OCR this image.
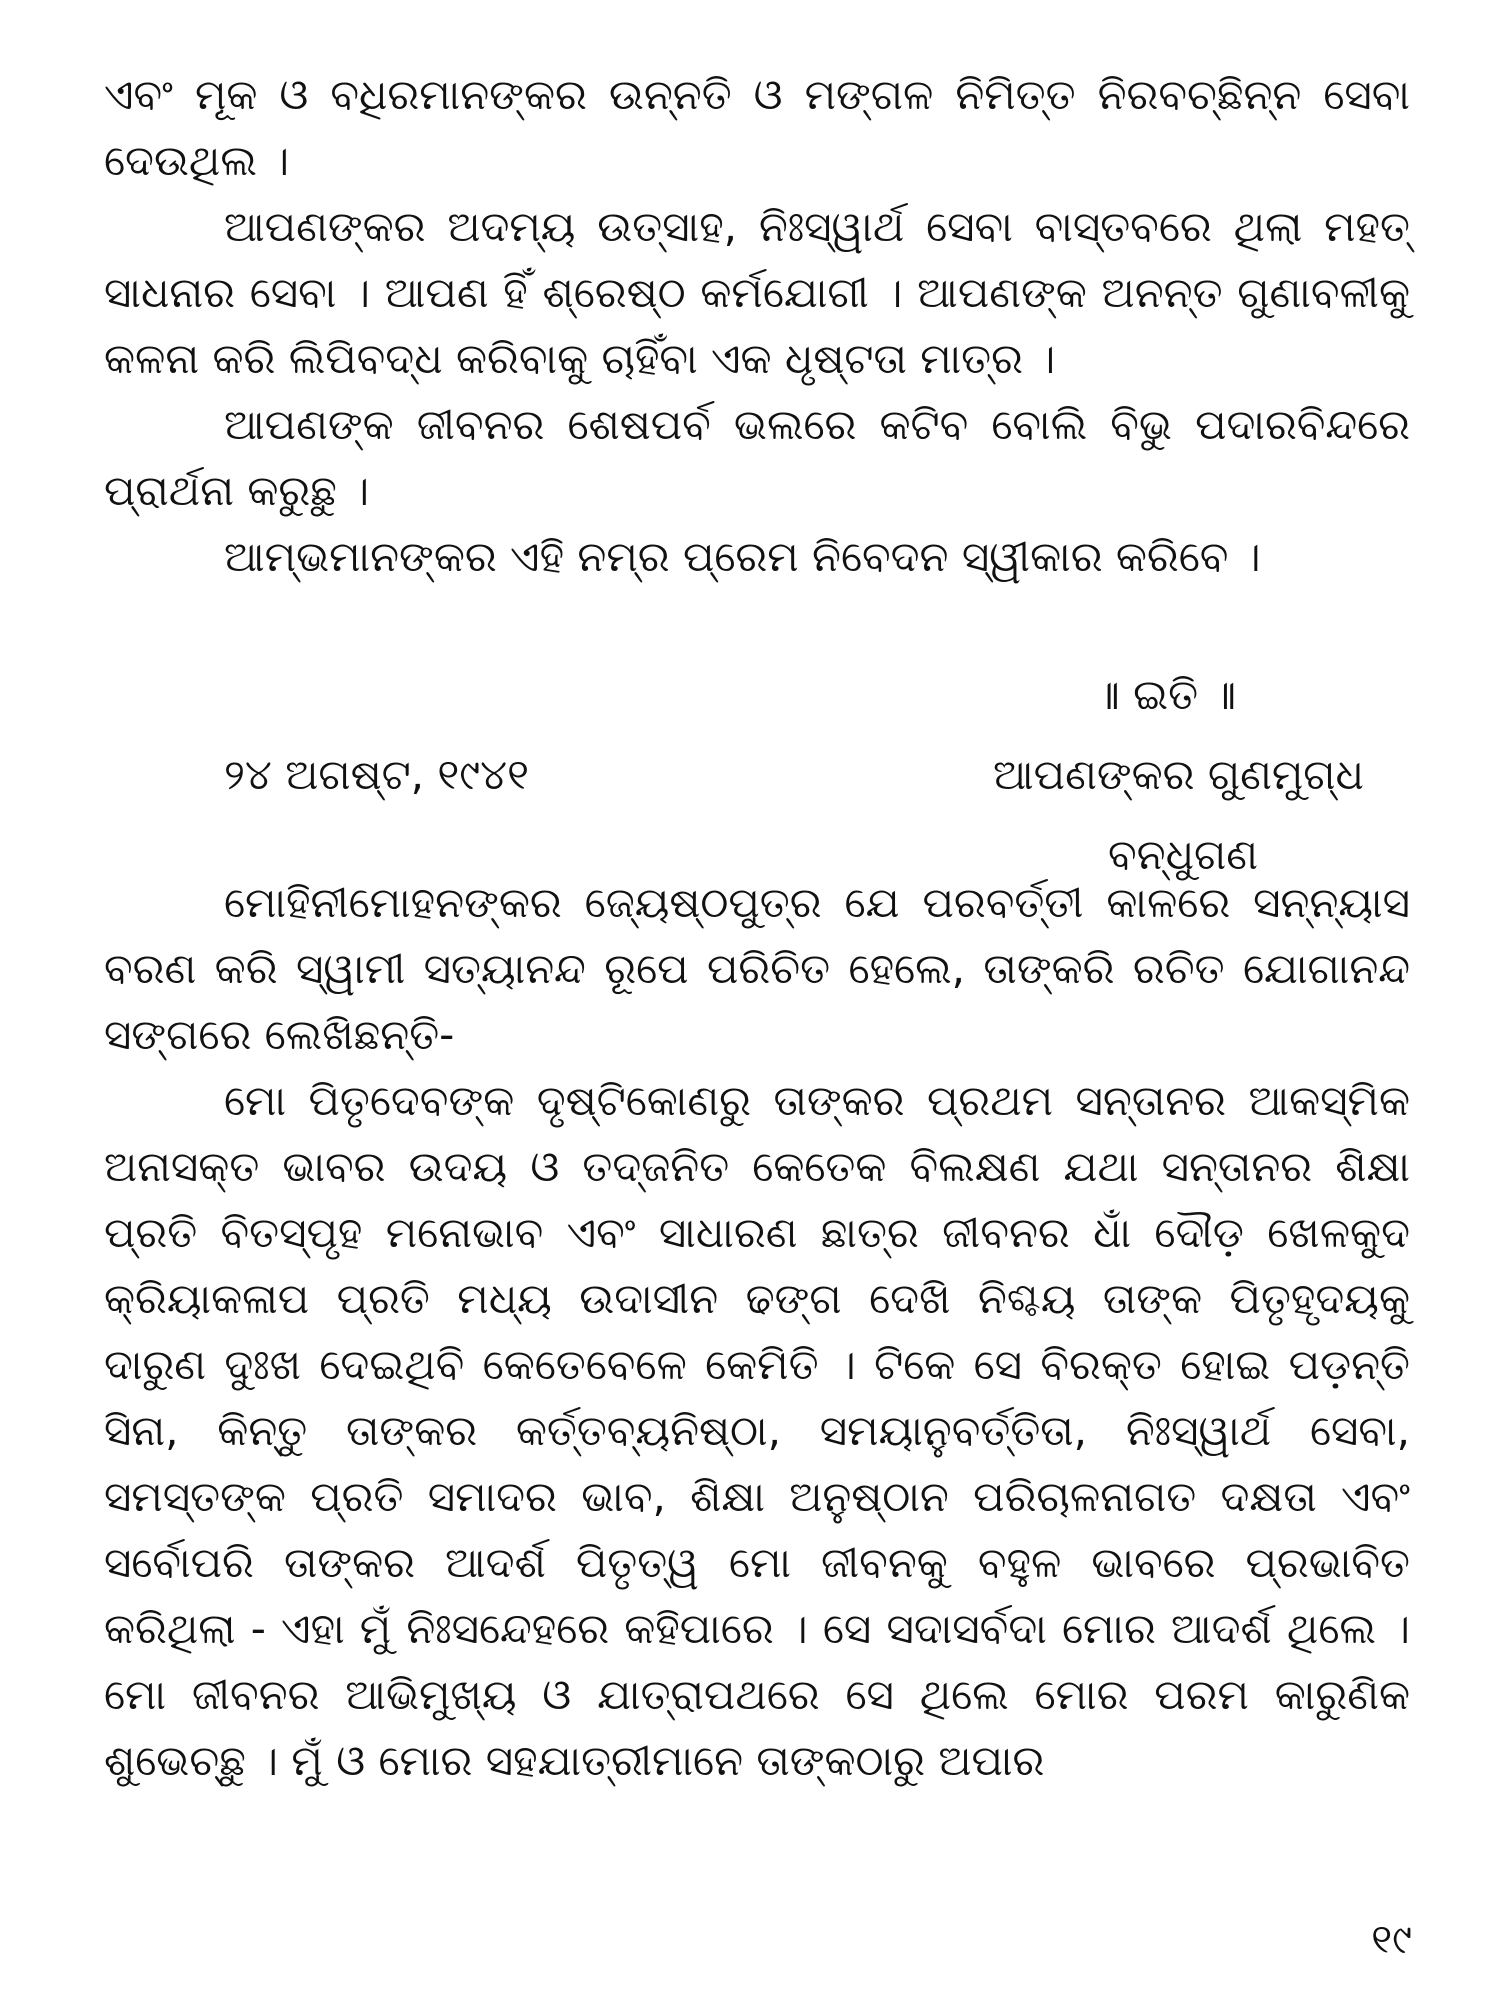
ଏବଂ ମୂକ ଓ ବଧିରମାନଙ୍କର ଉନ୍ନତି ଓ ମଙ୍ଗଳ ନିମିତ୍ତ ନିରବଚ୍ଛିନ୍ନ ସେବା ଦେଉଥିଲ ।

ଆପଣଙ୍କର ଅଦମ୍ୟ ଉତ୍ସାହ, ନିଃସ୍ୱାର୍ଥ ସେବା ବାସ୍ତବରେ ଥିଲା ମହତ୍ ସାଧନାର ସେବା । ଆପଣ ହିଁ ଶ୍ରେଷ୍ଠ କର୍ମଯୋଗୀ । ଆପଣଙ୍କ ଅନନ୍ତ ଗୁଣାବଳୀକୁ କଳନା କରି ଲିପିବଦ୍ଧ କରିବାକୁ ଚାହିଁବା ଏକ ଧୃଷ୍ଟତା ମାତ୍ର ।

ଆପଣଙ୍କ ଜୀବନର ଶେଷପର୍ବ ଭଲରେ କଟିବ ବୋଲି ବିଭୁ ପଦାରବିନ୍ଦରେ ପ୍ରାର୍ଥନା କରୁଛୁ ।

ଆମ୍ଭମାନଙ୍କର ଏହି ନମ୍ର ପ୍ରେମ ନିବେଦନ ସ୍ୱୀକାର କରିବେ ।

॥ ଇତି ॥
୨୪ ଅଗଷ୍ଟ, ୧୯୪୧	ଆପଣଙ୍କର ଗୁଣମୁଗ୍ଧ
ବନ୍ଧୁଗଣ

ମୋହିନୀମୋହନଙ୍କର ଜ୍ୟେଷ୍ଠପୁତ୍ର ଯେ ପରବର୍ତ୍ତୀ କାଳରେ ସନ୍ନ୍ୟାସ ବରଣ କରି ସ୍ୱାମୀ ସତ୍ୟାନନ୍ଦ ରୂପେ ପରିଚିତ ହେଲେ, ତାଙ୍କରି ରଚିତ ଯୋଗାନନ୍ଦ ସଙ୍ଗରେ ଲେଖିଛନ୍ତି-

ମୋ ପିତୃଦେବଙ୍କ ଦୃଷ୍ଟିକୋଣରୁ ତାଙ୍କର ପ୍ରଥମ ସନ୍ତାନର ଆକସ୍ମିକ ଅନାସକ୍ତ ଭାବର ଉଦୟ ଓ ତଦ୍‌ଜନିତ କେତେକ ବିଲକ୍ଷଣ ଯଥା ସନ୍ତାନର ଶିକ୍ଷା ପ୍ରତି ବିତସ୍ପୃହ ମନୋଭାବ ଏବଂ ସାଧାରଣ ଛାତ୍ର ଜୀବନର ଧାଁ ଦୌଡ଼ ଖେଳକୁଦ କ୍ରିୟାକଳାପ ପ୍ରତି ମଧ୍ୟ ଉଦାସୀନ ଢଙ୍ଗ ଦେଖି ନିଶ୍ଚୟ ତାଙ୍କ ପିତୃହୃଦୟକୁ ଦାରୁଣ ଦୁଃଖ ଦେଇଥିବି କେତେବେଳେ କେମିତି । ଟିକେ ସେ ବିରକ୍ତ ହୋଇ ପଡ଼ନ୍ତି ସିନା, କିନ୍ତୁ ତାଙ୍କର କର୍ତ୍ତବ୍ୟନିଷ୍ଠା, ସମୟାନୁବର୍ତ୍ତିତା, ନିଃସ୍ୱାର୍ଥ ସେବା, ସମସ୍ତଙ୍କ ପ୍ରତି ସମାଦର ଭାବ, ଶିକ୍ଷା ଅନୁଷ୍ଠାନ ପରିଚାଳନାଗତ ଦକ୍ଷତା ଏବଂ ସର୍ବୋପରି ତାଙ୍କର ଆଦର୍ଶ ପିତୃତ୍ୱ ମୋ ଜୀବନକୁ ବହୁଳ ଭାବରେ ପ୍ରଭାବିତ କରିଥିଲା - ଏହା ମୁଁ ନିଃସନ୍ଦେହରେ କହିପାରେ । ସେ ସଦାସର୍ବଦା ମୋର ଆଦର୍ଶ ଥିଲେ । ମୋ ଜୀବନର ଆଭିମୁଖ୍ୟ ଓ ଯାତ୍ରାପଥରେ ସେ ଥିଲେ ମୋର ପରମ କାରୁଣିକ ଶୁଭେଚ୍ଛୁ । ମୁଁ ଓ ମୋର ସହଯାତ୍ରୀମାନେ ତାଙ୍କଠାରୁ ଅପାର

୧୯
